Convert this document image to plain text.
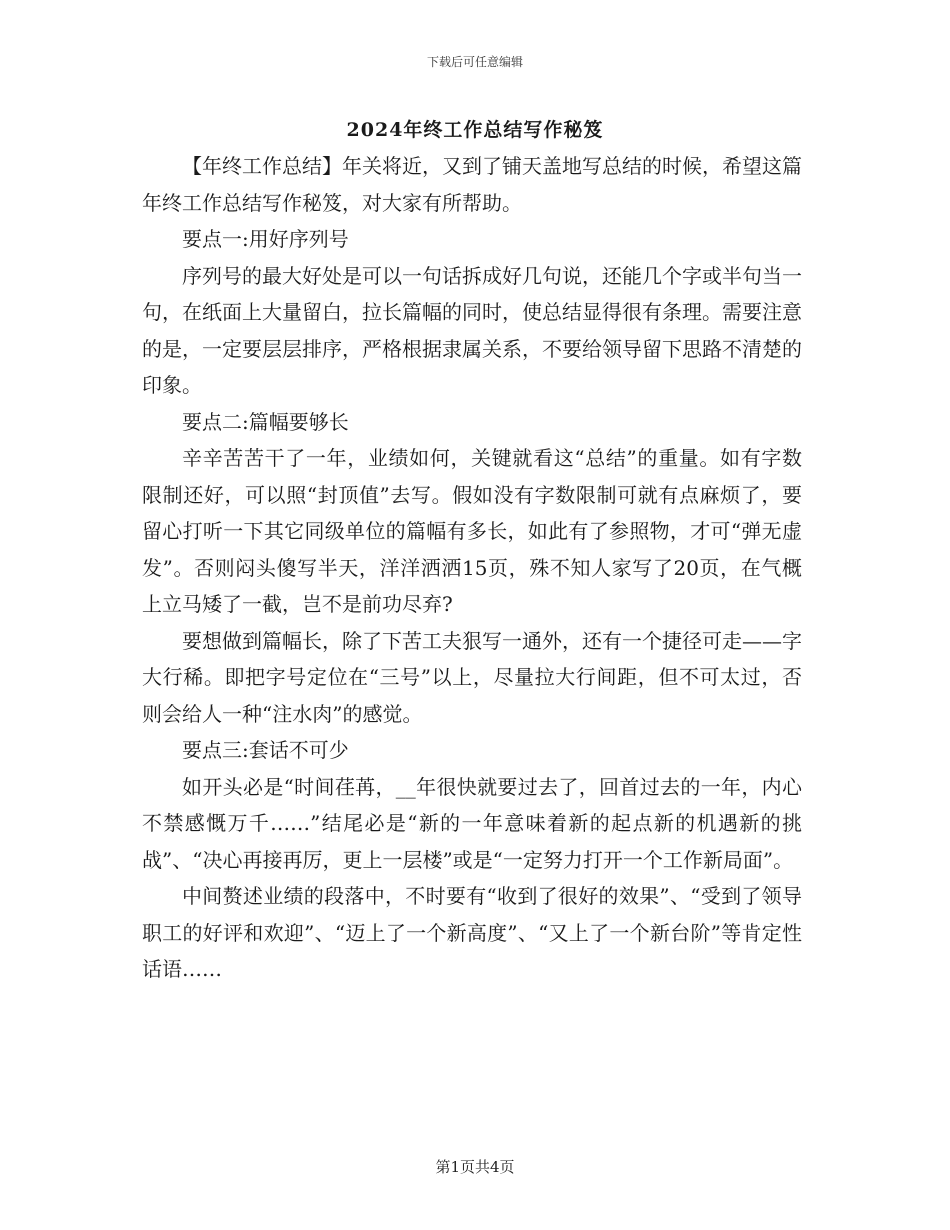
下载后可任意编辑
2024年终工作总结写作秘笈

【年终工作总结】年关将近，又到了铺天盖地写总结的时候，希望这篇年终工作总结写作秘笈，对大家有所帮助。

要点一:用好序列号

序列号的最大好处是可以一句话拆成好几句说，还能几个字或半句当一句，在纸面上大量留白，拉长篇幅的同时，使总结显得很有条理。需要注意的是，一定要层层排序，严格根据隶属关系，不要给领导留下思路不清楚的印象。

要点二:篇幅要够长

辛辛苦苦干了一年，业绩如何，关键就看这“总结”的重量。如有字数限制还好，可以照“封顶值”去写。假如没有字数限制可就有点麻烦了，要留心打听一下其它同级单位的篇幅有多长，如此有了参照物，才可“弹无虚发”。否则闷头傻写半天，洋洋洒洒15页，殊不知人家写了20页，在气概上立马矮了一截，岂不是前功尽弃?

要想做到篇幅长，除了下苦工夫狠写一通外，还有一个捷径可走——字大行稀。即把字号定位在“三号”以上，尽量拉大行间距，但不可太过，否则会给人一种“注水肉”的感觉。

要点三:套话不可少

如开头必是“时间荏苒，__年很快就要过去了，回首过去的一年，内心不禁感慨万千……”结尾必是“新的一年意味着新的起点新的机遇新的挑战”、“决心再接再厉，更上一层楼”或是“一定努力打开一个工作新局面”。

中间赘述业绩的段落中，不时要有“收到了很好的效果”、“受到了领导职工的好评和欢迎”、“迈上了一个新高度”、“又上了一个新台阶”等肯定性话语……

第1页共4页
